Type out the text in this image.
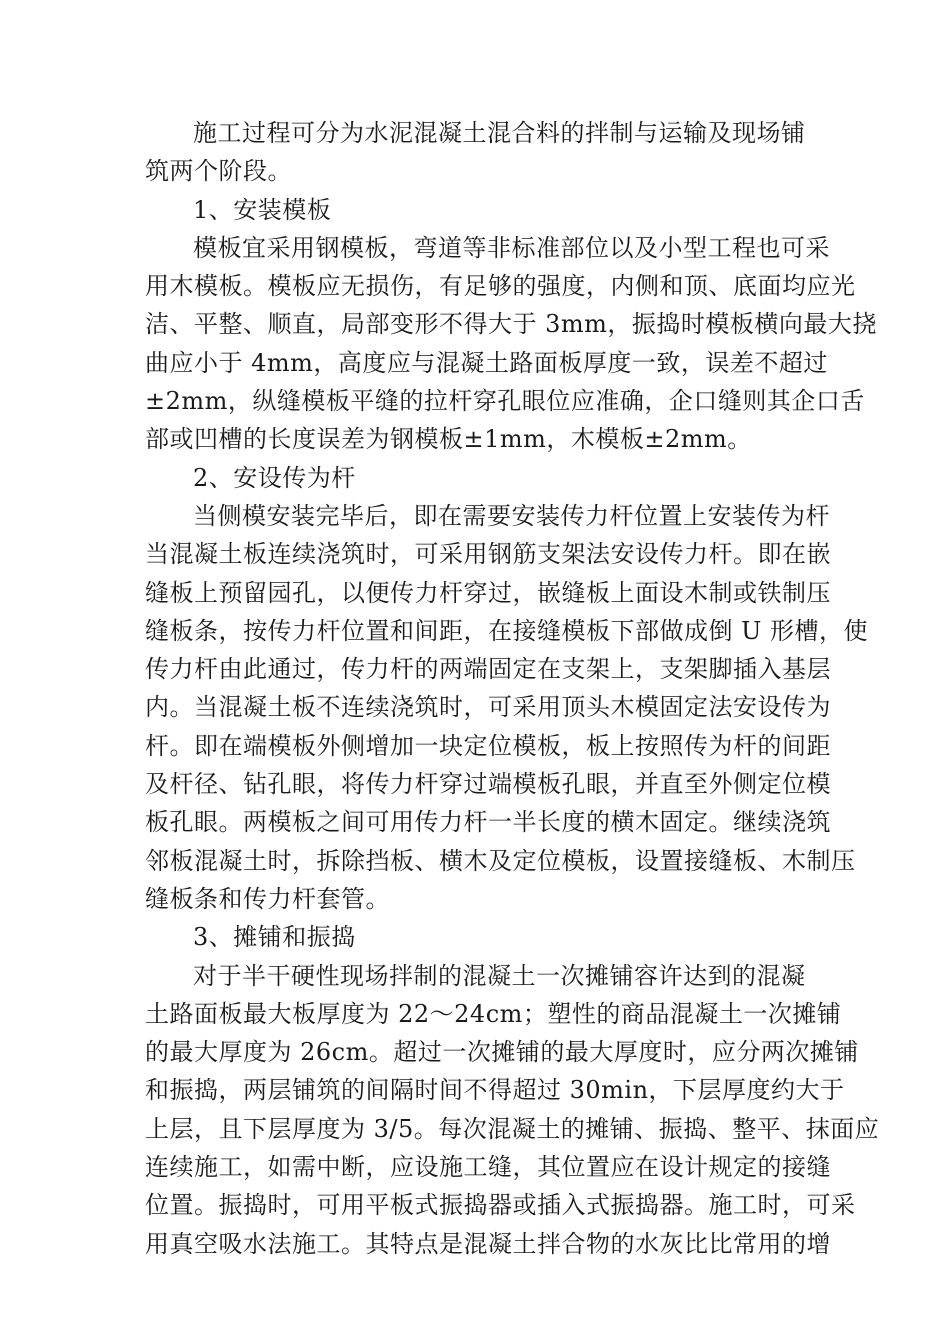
施工过程可分为水泥混凝土混合料的拌制与运输及现场铺
筑两个阶段。
1、安装模板
模板宜采用钢模板，弯道等非标准部位以及小型工程也可采
用木模板。模板应无损伤，有足够的强度，内侧和顶、底面均应光
洁、平整、顺直，局部变形不得大于 3mm，振捣时模板横向最大挠
曲应小于 4mm，高度应与混凝土路面板厚度一致，误差不超过
±2mm，纵缝模板平缝的拉杆穿孔眼位应准确，企口缝则其企口舌
部或凹槽的长度误差为钢模板±1mm，木模板±2mm。
2、安设传为杆
当侧模安装完毕后，即在需要安装传力杆位置上安装传为杆
当混凝土板连续浇筑时，可采用钢筋支架法安设传力杆。即在嵌
缝板上预留园孔，以便传力杆穿过，嵌缝板上面设木制或铁制压
缝板条，按传力杆位置和间距，在接缝模板下部做成倒 U 形槽，使
传力杆由此通过，传力杆的两端固定在支架上，支架脚插入基层
内。当混凝土板不连续浇筑时，可采用顶头木模固定法安设传为
杆。即在端模板外侧增加一块定位模板，板上按照传为杆的间距
及杆径、钻孔眼，将传力杆穿过端模板孔眼，并直至外侧定位模
板孔眼。两模板之间可用传力杆一半长度的横木固定。继续浇筑
邻板混凝土时，拆除挡板、横木及定位模板，设置接缝板、木制压
缝板条和传力杆套管。
3、摊铺和振捣
对于半干硬性现场拌制的混凝土一次摊铺容许达到的混凝
土路面板最大板厚度为 22～24cm；塑性的商品混凝土一次摊铺
的最大厚度为 26cm。超过一次摊铺的最大厚度时，应分两次摊铺
和振捣，两层铺筑的间隔时间不得超过 30min，下层厚度约大于
上层，且下层厚度为 3/5。每次混凝土的摊铺、振捣、整平、抹面应
连续施工，如需中断，应设施工缝，其位置应在设计规定的接缝
位置。振捣时，可用平板式振捣器或插入式振捣器。施工时，可采
用真空吸水法施工。其特点是混凝土拌合物的水灰比比常用的增
